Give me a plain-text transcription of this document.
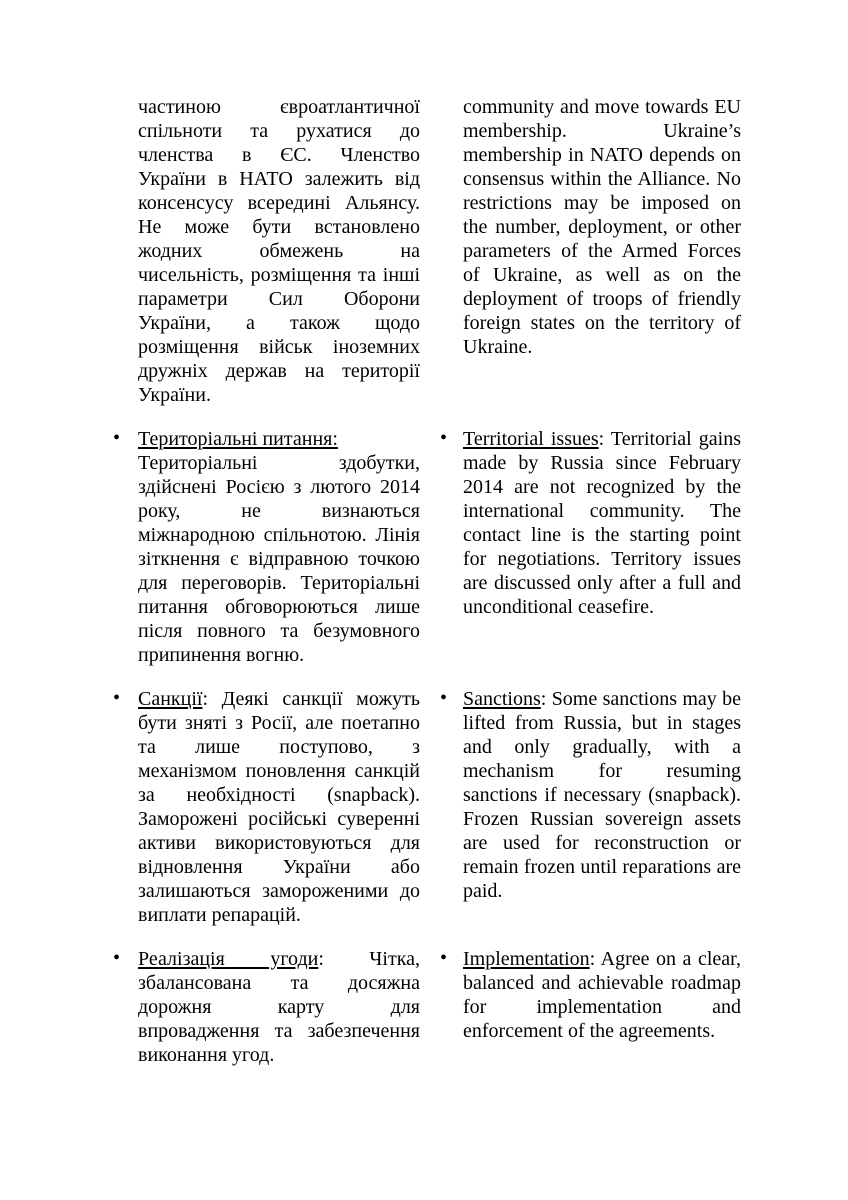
частиною євроатлантичної спільноти та рухатися до членства в ЄС. Членство України в НАТО залежить від консенсусу всередині Альянсу. Не може бути встановлено жодних обмежень на чисельність, розміщення та інші параметри Сил Оборони України, а також щодо розміщення військ іноземних дружніх держав на території України.

community and move towards EU membership. Ukraine’s membership in NATO depends on consensus within the Alliance. No restrictions may be imposed on the number, deployment, or other parameters of the Armed Forces of Ukraine, as well as on the deployment of troops of friendly foreign states on the territory of Ukraine.

• Територіальні питання:
Територіальні здобутки, здійснені Росією з лютого 2014 року, не визнаються міжнародною спільнотою. Лінія зіткнення є відправною точкою для переговорів. Територіальні питання обговорюються лише після повного та безумовного припинення вогню.

• Territorial issues: Territorial gains made by Russia since February 2014 are not recognized by the international community. The contact line is the starting point for negotiations. Territory issues are discussed only after a full and unconditional ceasefire.

• Санкції: Деякі санкції можуть бути зняті з Росії, але поетапно та лише поступово, з механізмом поновлення санкцій за необхідності (snapback). Заморожені російські суверенні активи використовуються для відновлення України або залишаються замороженими до виплати репарацій.

• Sanctions: Some sanctions may be lifted from Russia, but in stages and only gradually, with a mechanism for resuming sanctions if necessary (snapback). Frozen Russian sovereign assets are used for reconstruction or remain frozen until reparations are paid.

• Реалізація угоди: Чітка, збалансована та досяжна дорожня карту для впровадження та забезпечення виконання угод.

• Implementation: Agree on a clear, balanced and achievable roadmap for implementation and enforcement of the agreements.
